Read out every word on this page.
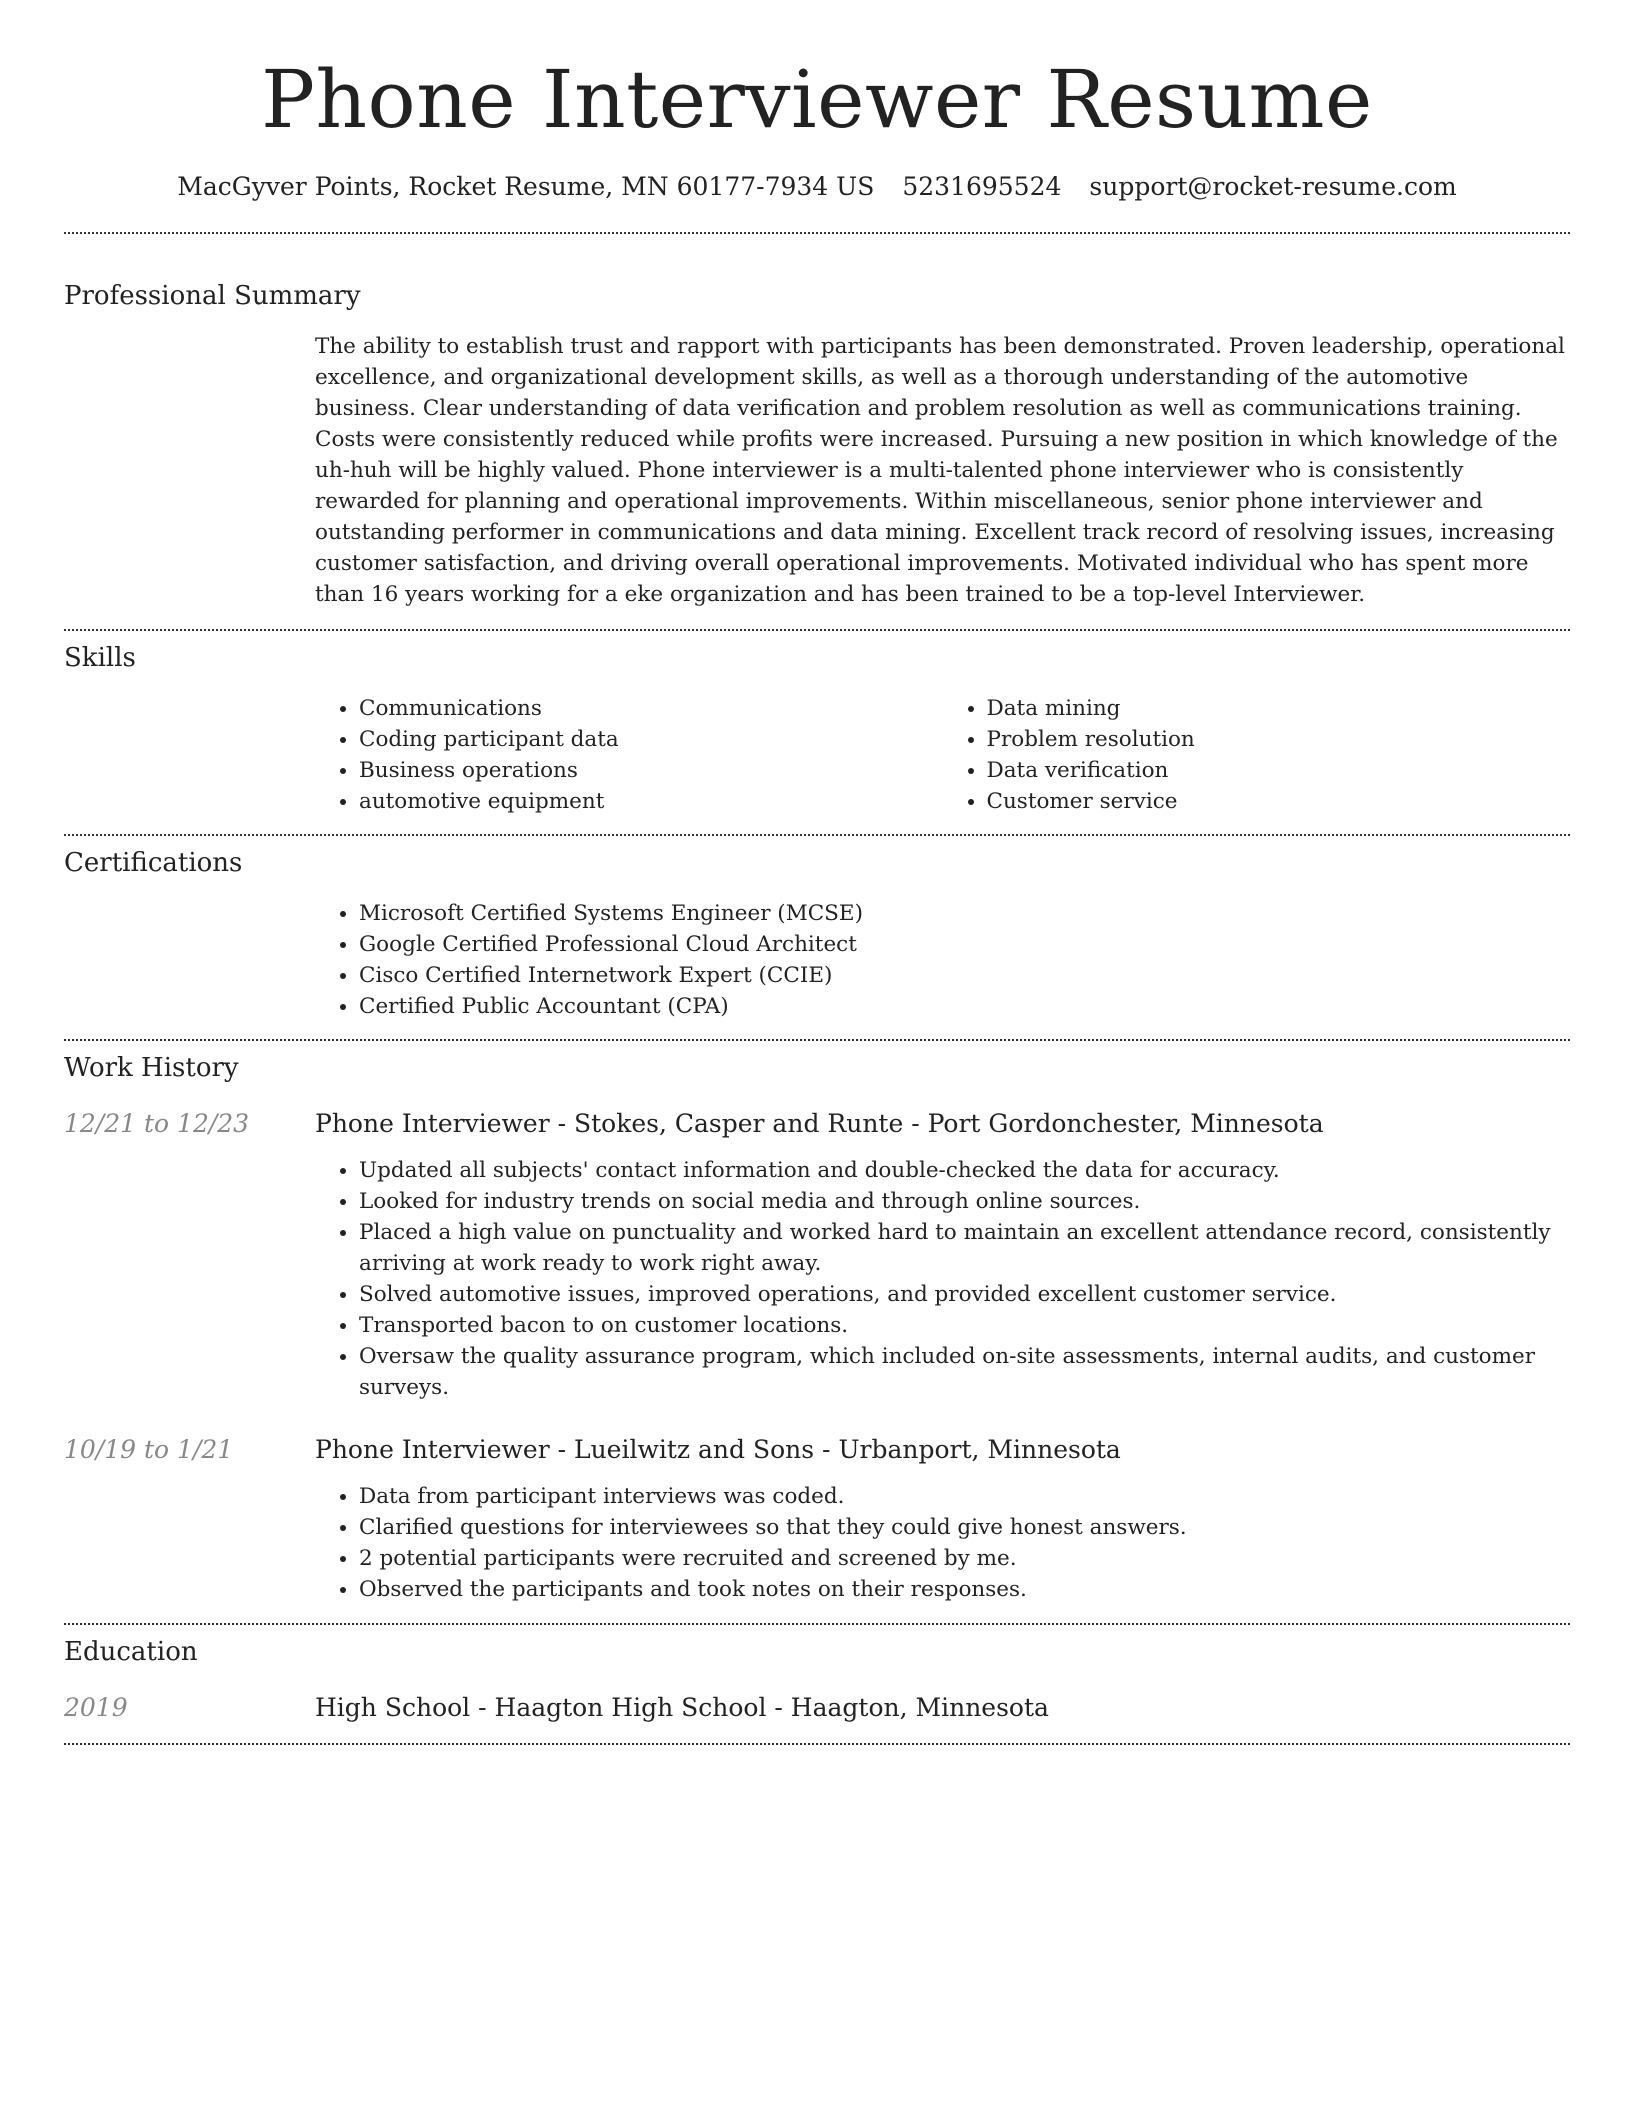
Phone Interviewer Resume
MacGyver Points, Rocket Resume, MN 60177-7934 US 5231695524 support@rocket-resume.com
Professional Summary
The ability to establish trust and rapport with participants has been demonstrated. Proven leadership, operational excellence, and organizational development skills, as well as a thorough understanding of the automotive business. Clear understanding of data verification and problem resolution as well as communications training. Costs were consistently reduced while profits were increased. Pursuing a new position in which knowledge of the uh-huh will be highly valued. Phone interviewer is a multi-talented phone interviewer who is consistently rewarded for planning and operational improvements. Within miscellaneous, senior phone interviewer and outstanding performer in communications and data mining. Excellent track record of resolving issues, increasing customer satisfaction, and driving overall operational improvements. Motivated individual who has spent more than 16 years working for a eke organization and has been trained to be a top-level Interviewer.
Skills
• Communications
• Coding participant data
• Business operations
• automotive equipment
• Data mining
• Problem resolution
• Data verification
• Customer service
Certifications
• Microsoft Certified Systems Engineer (MCSE)
• Google Certified Professional Cloud Architect
• Cisco Certified Internetwork Expert (CCIE)
• Certified Public Accountant (CPA)
Work History
12/21 to 12/23	Phone Interviewer - Stokes, Casper and Runte - Port Gordonchester, Minnesota
• Updated all subjects' contact information and double-checked the data for accuracy.
• Looked for industry trends on social media and through online sources.
• Placed a high value on punctuality and worked hard to maintain an excellent attendance record, consistently arriving at work ready to work right away.
• Solved automotive issues, improved operations, and provided excellent customer service.
• Transported bacon to on customer locations.
• Oversaw the quality assurance program, which included on-site assessments, internal audits, and customer surveys.
10/19 to 1/21	Phone Interviewer - Lueilwitz and Sons - Urbanport, Minnesota
• Data from participant interviews was coded.
• Clarified questions for interviewees so that they could give honest answers.
• 2 potential participants were recruited and screened by me.
• Observed the participants and took notes on their responses.
Education
2019	High School - Haagton High School - Haagton, Minnesota
